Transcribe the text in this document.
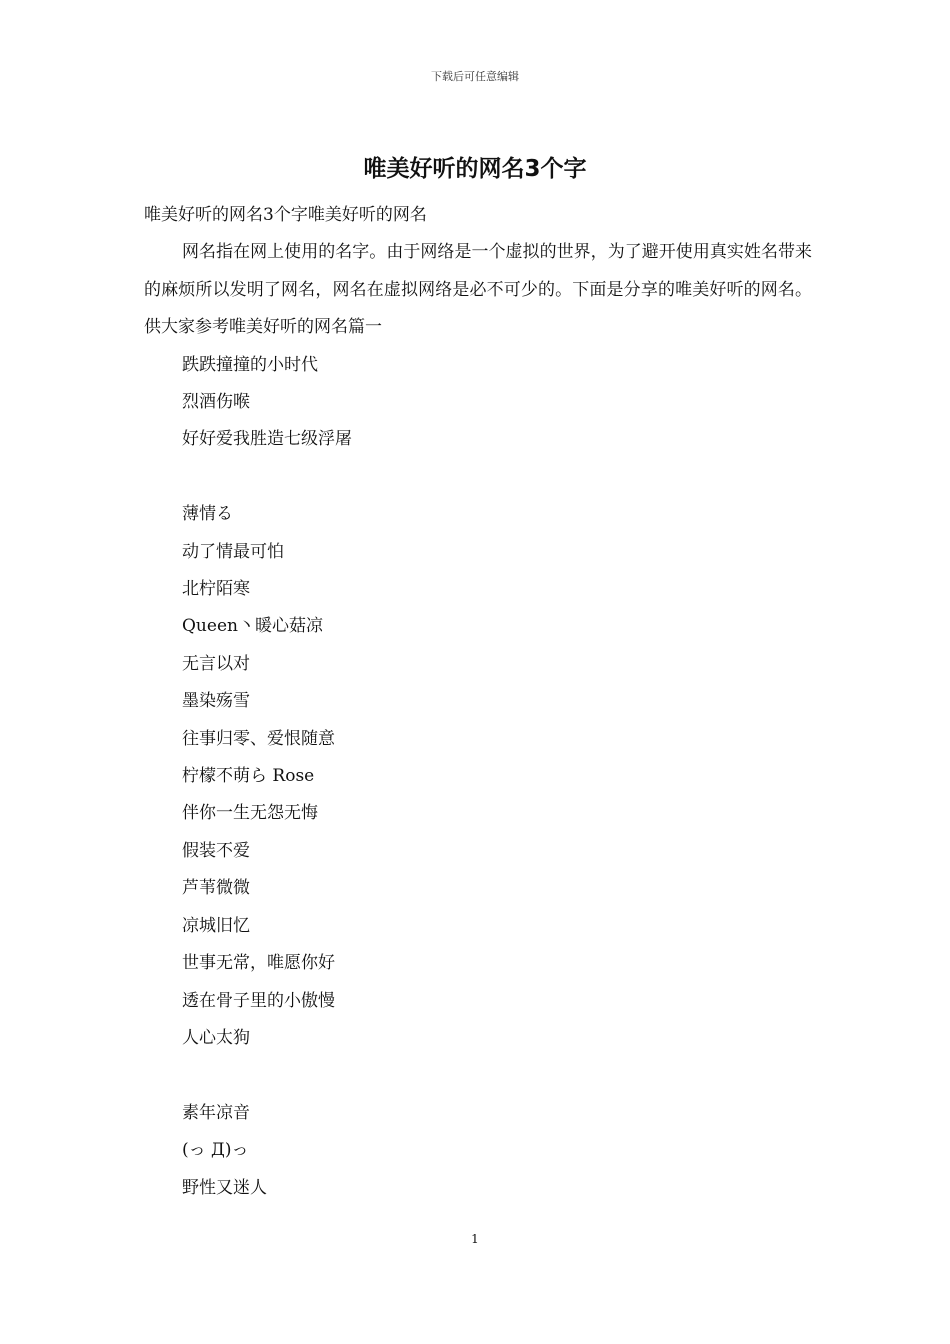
下载后可任意编辑
唯美好听的网名3个字

唯美好听的网名3个字唯美好听的网名

网名指在网上使用的名字。由于网络是一个虚拟的世界，为了避开使用真实姓名带来的麻烦所以发明了网名，网名在虚拟网络是必不可少的。下面是分享的唯美好听的网名。供大家参考唯美好听的网名篇一

跌跌撞撞的小时代

烈酒伤喉

好好爱我胜造七级浮屠

薄情る

动了情最可怕

北柠陌寒

Queen丶暖心菇凉

无言以对

墨染殇雪

往事归零、爱恨随意

柠檬不萌ら Rose

伴你一生无怨无悔

假装不爱

芦苇微微

凉城旧忆

世事无常，唯愿你好

透在骨子里的小傲慢

人心太狗

素年凉音

(っ Д)っ

野性又迷人

1
